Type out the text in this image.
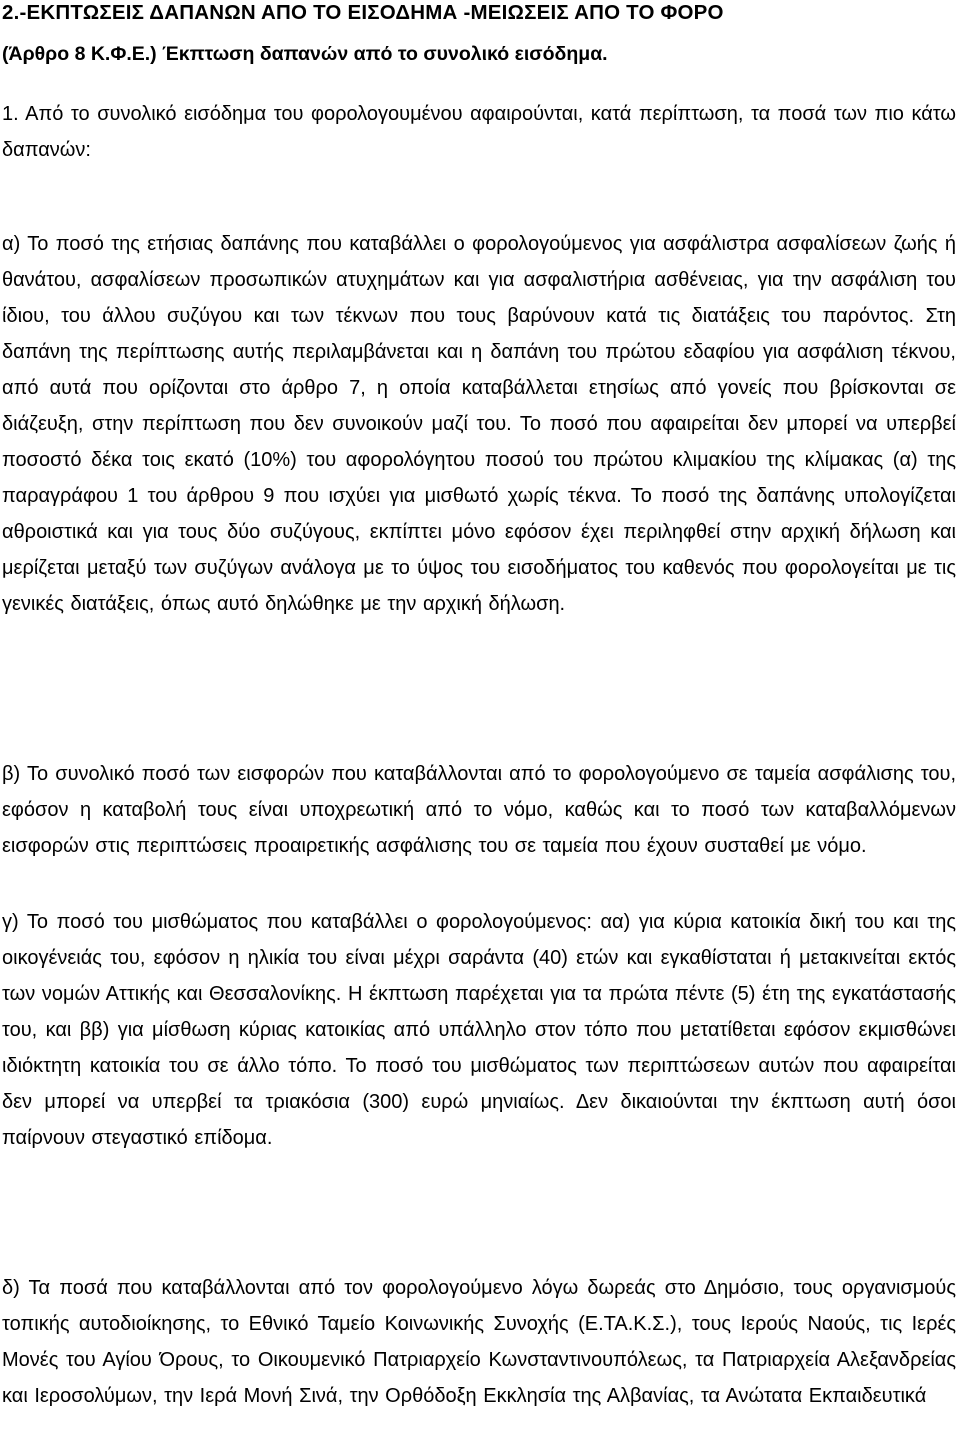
2.-ΕΚΠΤΩΣΕΙΣ ΔΑΠΑΝΩΝ ΑΠΟ ΤΟ ΕΙΣΟΔΗΜΑ -ΜΕΙΩΣΕΙΣ ΑΠΟ ΤΟ ΦΟΡΟ
(Άρθρο 8 Κ.Φ.Ε.) Έκπτωση δαπανών από το συνολικό εισόδημα.

1. Από το συνολικό εισόδημα του φορολογουμένου αφαιρούνται, κατά περίπτωση, τα ποσά των πιο κάτω δαπανών:

α) Το ποσό της ετήσιας δαπάνης που καταβάλλει ο φορολογούμενος για ασφάλιστρα ασφαλίσεων ζωής ή θανάτου, ασφαλίσεων προσωπικών ατυχημάτων και για ασφαλιστήρια ασθένειας, για την ασφάλιση του ίδιου, του άλλου συζύγου και των τέκνων που τους βαρύνουν κατά τις διατάξεις του παρόντος. Στη δαπάνη της περίπτωσης αυτής περιλαμβάνεται και η δαπάνη του πρώτου εδαφίου για ασφάλιση τέκνου, από αυτά που ορίζονται στο άρθρο 7, η οποία καταβάλλεται ετησίως από γονείς που βρίσκονται σε διάζευξη, στην περίπτωση που δεν συνοικούν μαζί του. Το ποσό που αφαιρείται δεν μπορεί να υπερβεί ποσοστό δέκα τοις εκατό (10%) του αφορολόγητου ποσού του πρώτου κλιμακίου της κλίμακας (α) της παραγράφου 1 του άρθρου 9 που ισχύει για μισθωτό χωρίς τέκνα. Το ποσό της δαπάνης υπολογίζεται αθροιστικά και για τους δύο συζύγους, εκπίπτει μόνο εφόσον έχει περιληφθεί στην αρχική δήλωση και μερίζεται μεταξύ των συζύγων ανάλογα με το ύψος του εισοδήματος του καθενός που φορολογείται με τις γενικές διατάξεις, όπως αυτό δηλώθηκε με την αρχική δήλωση.

β) Το συνολικό ποσό των εισφορών που καταβάλλονται από το φορολογούμενο σε ταμεία ασφάλισης του, εφόσον η καταβολή τους είναι υποχρεωτική από το νόμο, καθώς και το ποσό των καταβαλλόμενων εισφορών στις περιπτώσεις προαιρετικής ασφάλισης του σε ταμεία που έχουν συσταθεί με νόμο.

γ) Το ποσό του μισθώματος που καταβάλλει ο φορολογούμενος: αα) για κύρια κατοικία δική του και της οικογένειάς του, εφόσον η ηλικία του είναι μέχρι σαράντα (40) ετών και εγκαθίσταται ή μετακινείται εκτός των νομών Αττικής και Θεσσαλονίκης. Η έκπτωση παρέχεται για τα πρώτα πέντε (5) έτη της εγκατάστασής του, και ββ) για μίσθωση κύριας κατοικίας από υπάλληλο στον τόπο που μετατίθεται εφόσον εκμισθώνει ιδιόκτητη κατοικία του σε άλλο τόπο. Το ποσό του μισθώματος των περιπτώσεων αυτών που αφαιρείται δεν μπορεί να υπερβεί τα τριακόσια (300) ευρώ μηνιαίως. Δεν δικαιούνται την έκπτωση αυτή όσοι παίρνουν στεγαστικό επίδομα.

δ) Τα ποσά που καταβάλλονται από τον φορολογούμενο λόγω δωρεάς στο Δημόσιο, τους οργανισμούς τοπικής αυτοδιοίκησης, το Εθνικό Ταμείο Κοινωνικής Συνοχής (Ε.ΤΑ.Κ.Σ.), τους Ιερούς Ναούς, τις Ιερές Μονές του Αγίου Όρους, το Οικουμενικό Πατριαρχείο Κωνσταντινουπόλεως, τα Πατριαρχεία Αλεξανδρείας και Ιεροσολύμων, την Ιερά Μονή Σινά, την Ορθόδοξη Εκκλησία της Αλβανίας, τα Ανώτατα Εκπαιδευτικά
